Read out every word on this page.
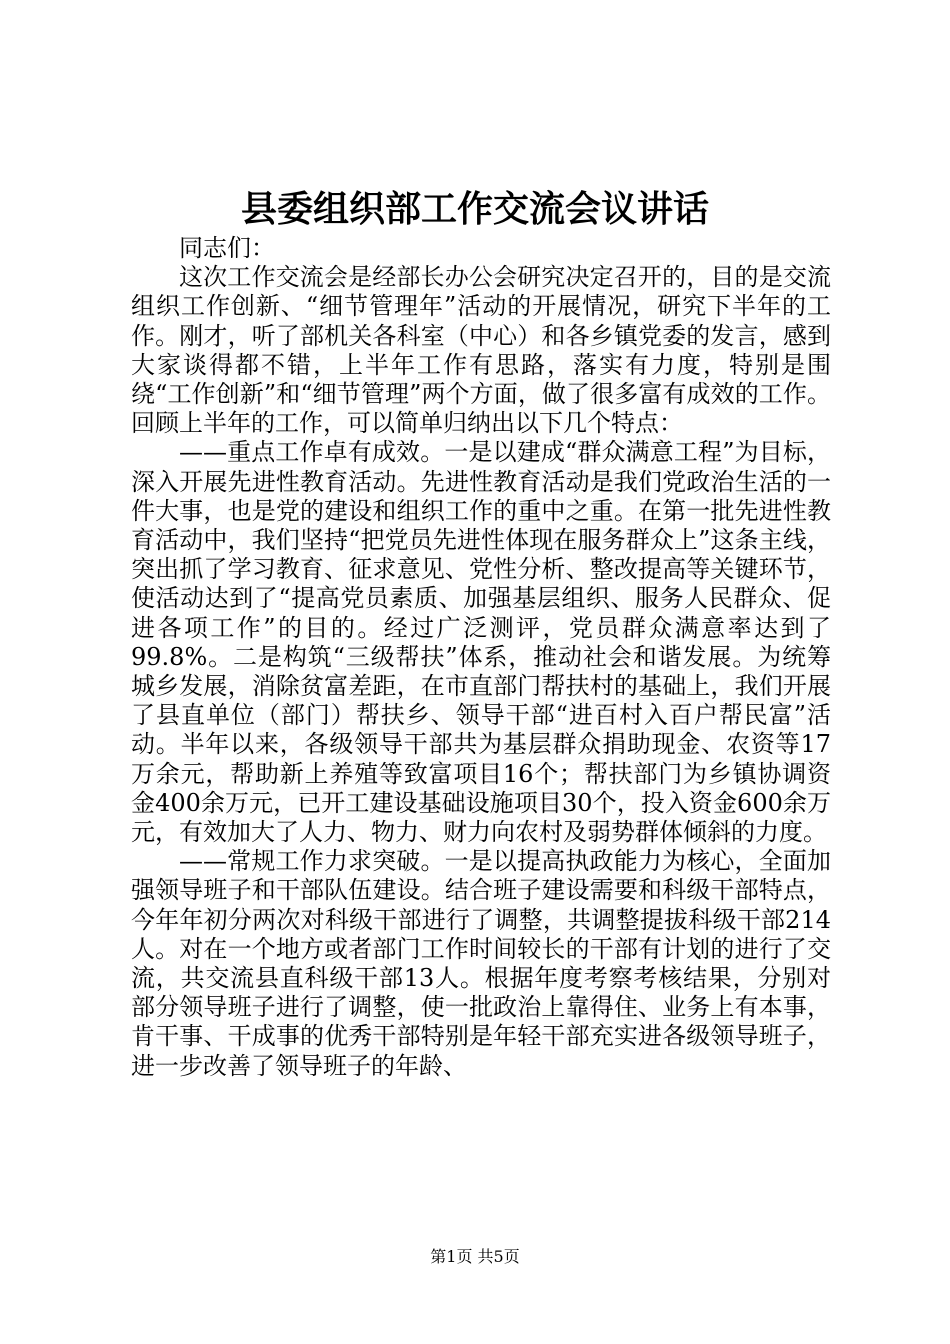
县委组织部工作交流会议讲话

同志们：

这次工作交流会是经部长办公会研究决定召开的，目的是交流组织工作创新、“细节管理年”活动的开展情况，研究下半年的工作。刚才，听了部机关各科室（中心）和各乡镇党委的发言，感到大家谈得都不错，上半年工作有思路，落实有力度，特别是围绕“工作创新”和“细节管理”两个方面，做了很多富有成效的工作。回顾上半年的工作，可以简单归纳出以下几个特点：

——重点工作卓有成效。一是以建成“群众满意工程”为目标，深入开展先进性教育活动。先进性教育活动是我们党政治生活的一件大事，也是党的建设和组织工作的重中之重。在第一批先进性教育活动中，我们坚持“把党员先进性体现在服务群众上”这条主线，突出抓了学习教育、征求意见、党性分析、整改提高等关键环节，使活动达到了“提高党员素质、加强基层组织、服务人民群众、促进各项工作”的目的。经过广泛测评，党员群众满意率达到了99.8%。二是构筑“三级帮扶”体系，推动社会和谐发展。为统筹城乡发展，消除贫富差距，在市直部门帮扶村的基础上，我们开展了县直单位（部门）帮扶乡、领导干部“进百村入百户帮民富”活动。半年以来，各级领导干部共为基层群众捐助现金、农资等17万余元，帮助新上养殖等致富项目16个；帮扶部门为乡镇协调资金400余万元，已开工建设基础设施项目30个，投入资金600余万元，有效加大了人力、物力、财力向农村及弱势群体倾斜的力度。

——常规工作力求突破。一是以提高执政能力为核心，全面加强领导班子和干部队伍建设。结合班子建设需要和科级干部特点，今年年初分两次对科级干部进行了调整，共调整提拔科级干部214人。对在一个地方或者部门工作时间较长的干部有计划的进行了交流，共交流县直科级干部13人。根据年度考察考核结果，分别对部分领导班子进行了调整，使一批政治上靠得住、业务上有本事，肯干事、干成事的优秀干部特别是年轻干部充实进各级领导班子，进一步改善了领导班子的年龄、

第1页 共5页
